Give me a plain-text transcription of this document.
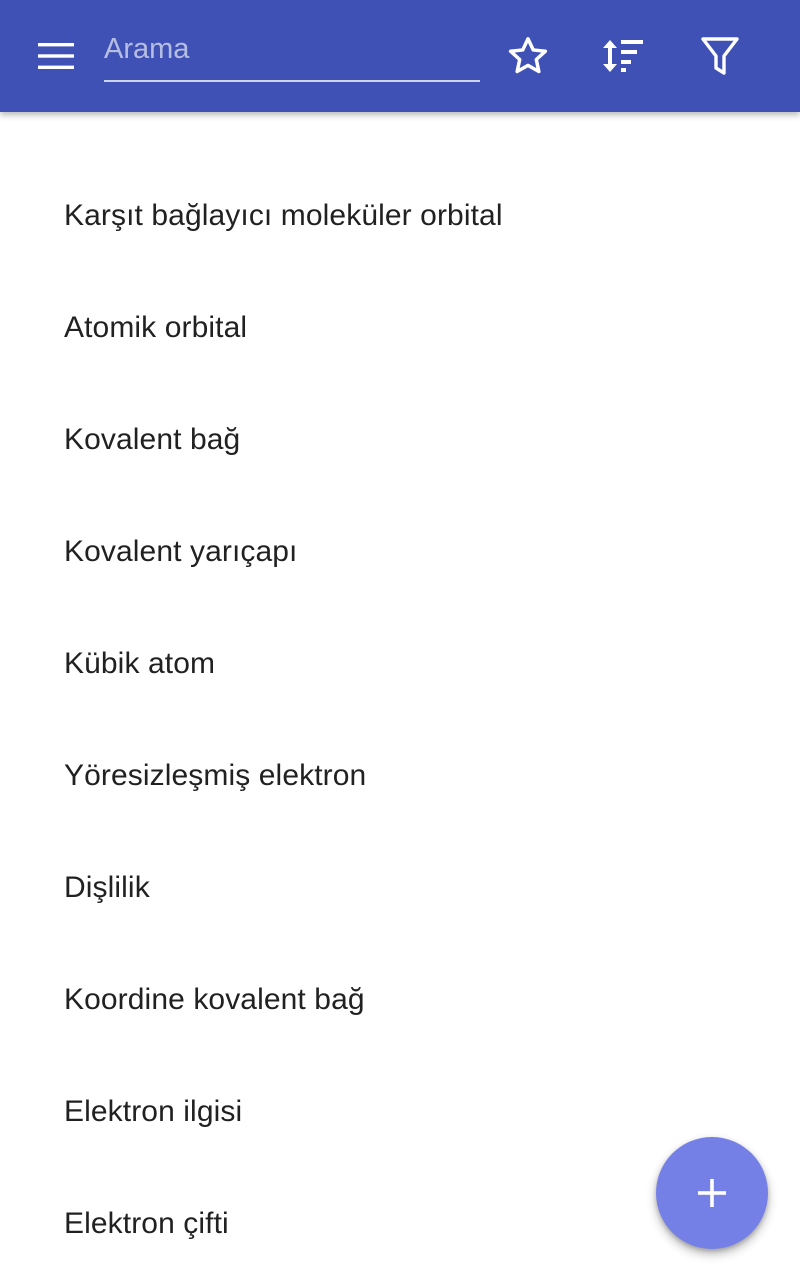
Arama
Karşıt bağlayıcı moleküler orbital
Atomik orbital
Kovalent bağ
Kovalent yarıçapı
Kübik atom
Yöresizleşmiş elektron
Dişlilik
Koordine kovalent bağ
Elektron ilgisi
Elektron çifti
